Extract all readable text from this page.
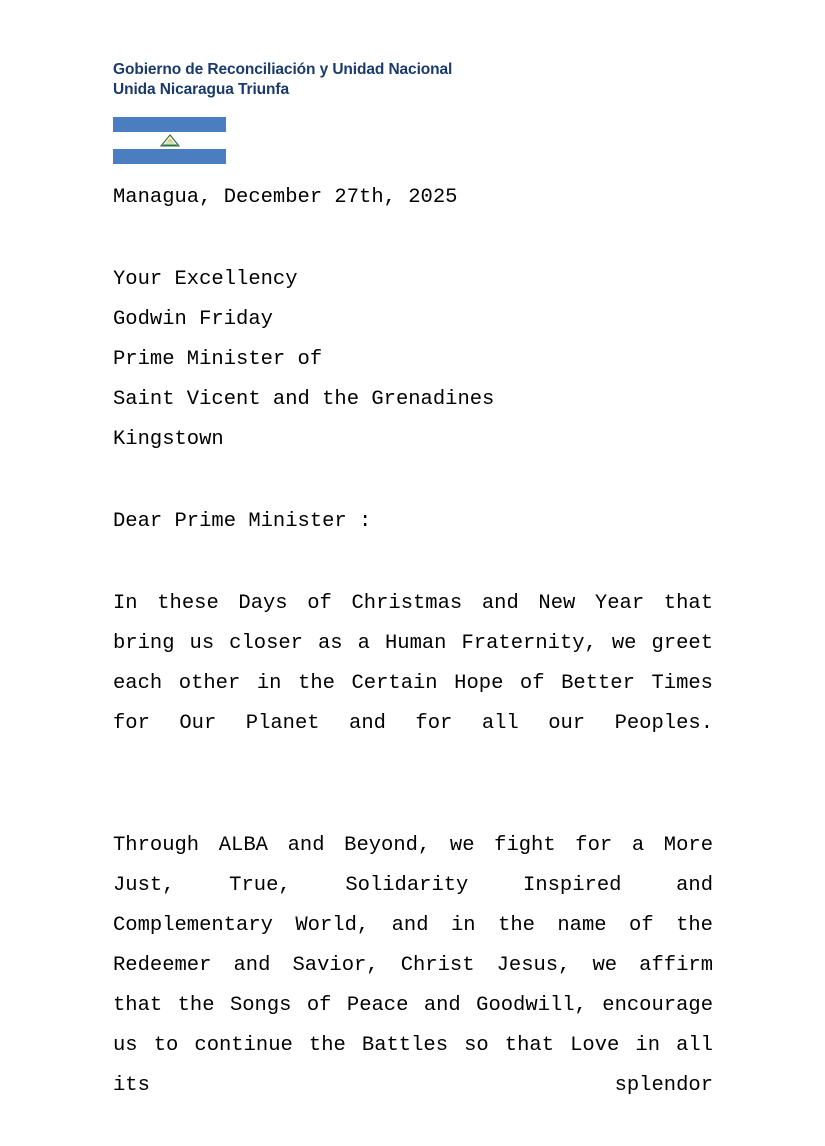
Gobierno de Reconciliación y Unidad Nacional
Unida Nicaragua Triunfa
Managua, December 27th, 2025
Your Excellency
Godwin Friday
Prime Minister of
Saint Vicent and the Grenadines
Kingstown
Dear Prime Minister :
In these Days of Christmas and New Year that bring us closer as a Human Fraternity, we greet each other in the Certain Hope of Better Times for Our Planet and for all our Peoples.
Through ALBA and Beyond, we fight for a More Just, True, Solidarity Inspired and Complementary World, and in the name of the Redeemer and Savior, Christ Jesus, we affirm that the Songs of Peace and Goodwill, encourage us to continue the Battles so that Love in all its splendor
